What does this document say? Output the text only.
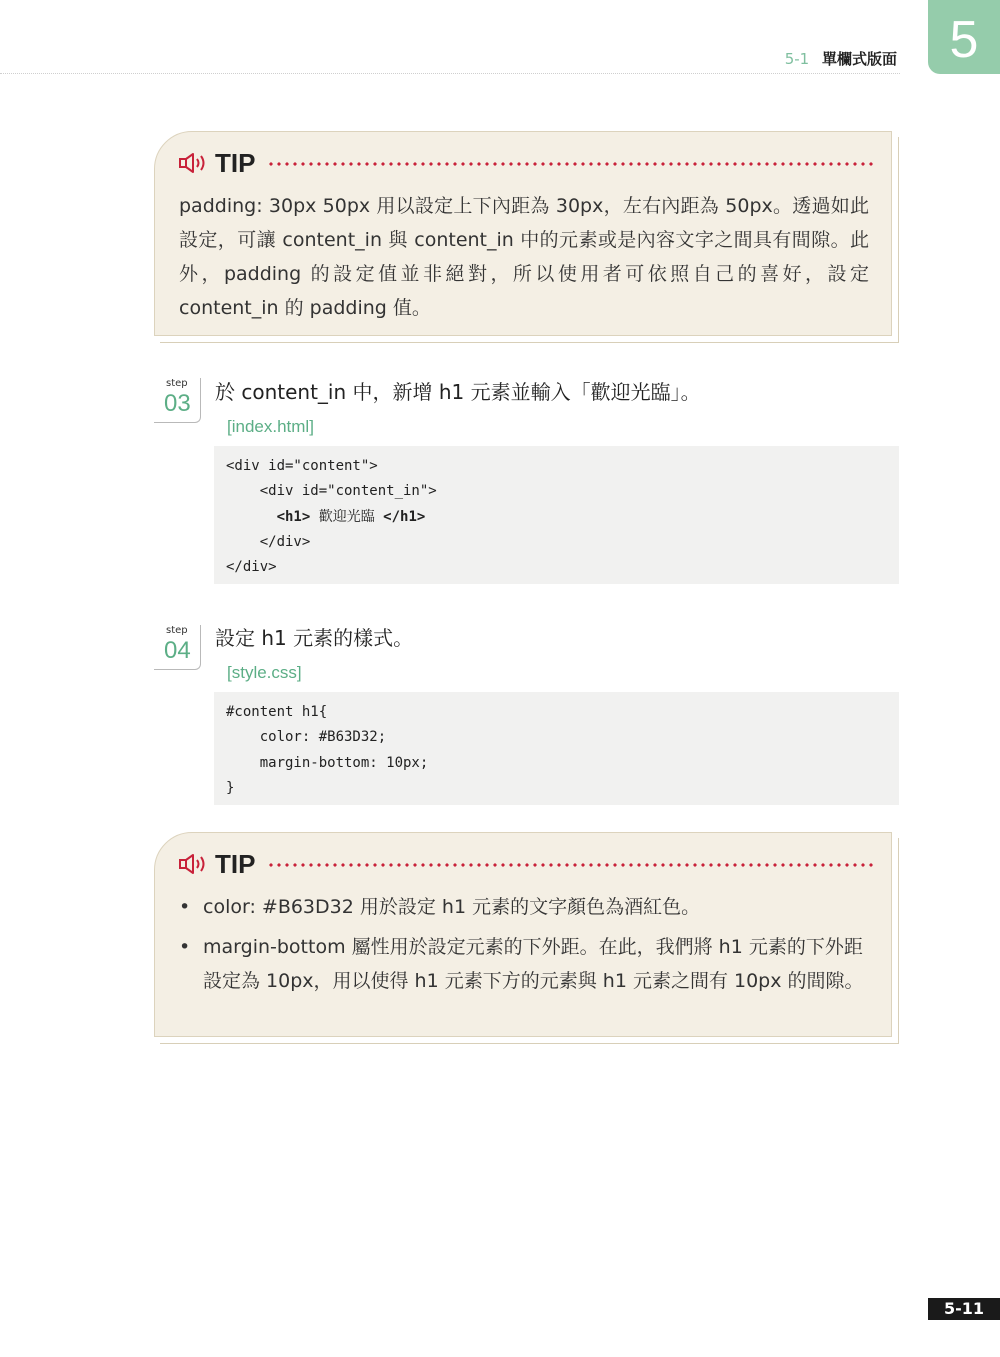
5-1 單欄式版面	5
TIP
padding: 30px 50px 用以設定上下內距為 30px，左右內距為 50px。透過如此設定，可讓 content_in 與 content_in 中的元素或是內容文字之間具有間隙。此外，padding 的設定值並非絕對，所以使用者可依照自己的喜好，設定 content_in 的 padding 值。
step
03 於 content_in 中，新增 h1 元素並輸入「歡迎光臨」。
[index.html]
<div id="content">
<div id="content_in">
<h1> 歡迎光臨 </h1>
</div>
</div>
step
04 設定 h1 元素的樣式。
[style.css]
#content h1{
color: #B63D32;
margin-bottom: 10px;
}
TIP
• color: #B63D32 用於設定 h1 元素的文字顏色為酒紅色。
• margin-bottom 屬性用於設定元素的下外距。在此，我們將 h1 元素的下外距設定為 10px，用以使得 h1 元素下方的元素與 h1 元素之間有 10px 的間隙。
5-11
